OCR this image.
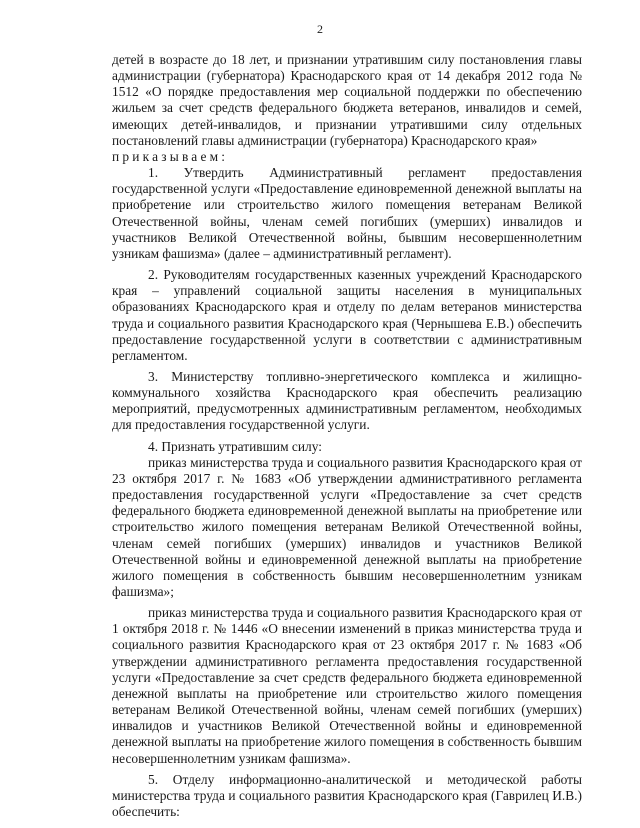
2

детей в возрасте до 18 лет, и признании утратившим силу постановления главы администрации (губернатора) Краснодарского края от 14 декабря 2012 года № 1512 «О порядке предоставления мер социальной поддержки по обеспечению жильем за счет средств федерального бюджета ветеранов, инвалидов и семей, имеющих детей-инвалидов, и признании утратившими силу отдельных постановлений главы администрации (губернатора) Краснодарского края»

приказываем:

1. Утвердить Административный регламент предоставления государственной услуги «Предоставление единовременной денежной выплаты на приобретение или строительство жилого помещения ветеранам Великой Отечественной войны, членам семей погибших (умерших) инвалидов и участников Великой Отечественной войны, бывшим несовершеннолетним узникам фашизма» (далее – административный регламент).

2. Руководителям государственных казенных учреждений Краснодарского края – управлений социальной защиты населения в муниципальных образованиях Краснодарского края и отделу по делам ветеранов министерства труда и социального развития Краснодарского края (Чернышева Е.В.) обеспечить предоставление государственной услуги в соответствии с административным регламентом.

3. Министерству топливно-энергетического комплекса и жилищно-коммунального хозяйства Краснодарского края обеспечить реализацию мероприятий, предусмотренных административным регламентом, необходимых для предоставления государственной услуги.

4. Признать утратившим силу:

приказ министерства труда и социального развития Краснодарского края от 23 октября 2017 г. № 1683 «Об утверждении административного регламента предоставления государственной услуги «Предоставление за счет средств федерального бюджета единовременной денежной выплаты на приобретение или строительство жилого помещения ветеранам Великой Отечественной войны, членам семей погибших (умерших) инвалидов и участников Великой Отечественной войны и единовременной денежной выплаты на приобретение жилого помещения в собственность бывшим несовершеннолетним узникам фашизма»;

приказ министерства труда и социального развития Краснодарского края от 1 октября 2018 г. № 1446 «О внесении изменений в приказ министерства труда и социального развития Краснодарского края от 23 октября 2017 г. № 1683 «Об утверждении административного регламента предоставления государственной услуги «Предоставление за счет средств федерального бюджета единовременной денежной выплаты на приобретение или строительство жилого помещения ветеранам Великой Отечественной войны, членам семей погибших (умерших) инвалидов и участников Великой Отечественной войны и единовременной денежной выплаты на приобретение жилого помещения в собственность бывшим несовершеннолетним узникам фашизма».

5. Отделу информационно-аналитической и методической работы министерства труда и социального развития Краснодарского края (Гаврилец И.В.) обеспечить:
